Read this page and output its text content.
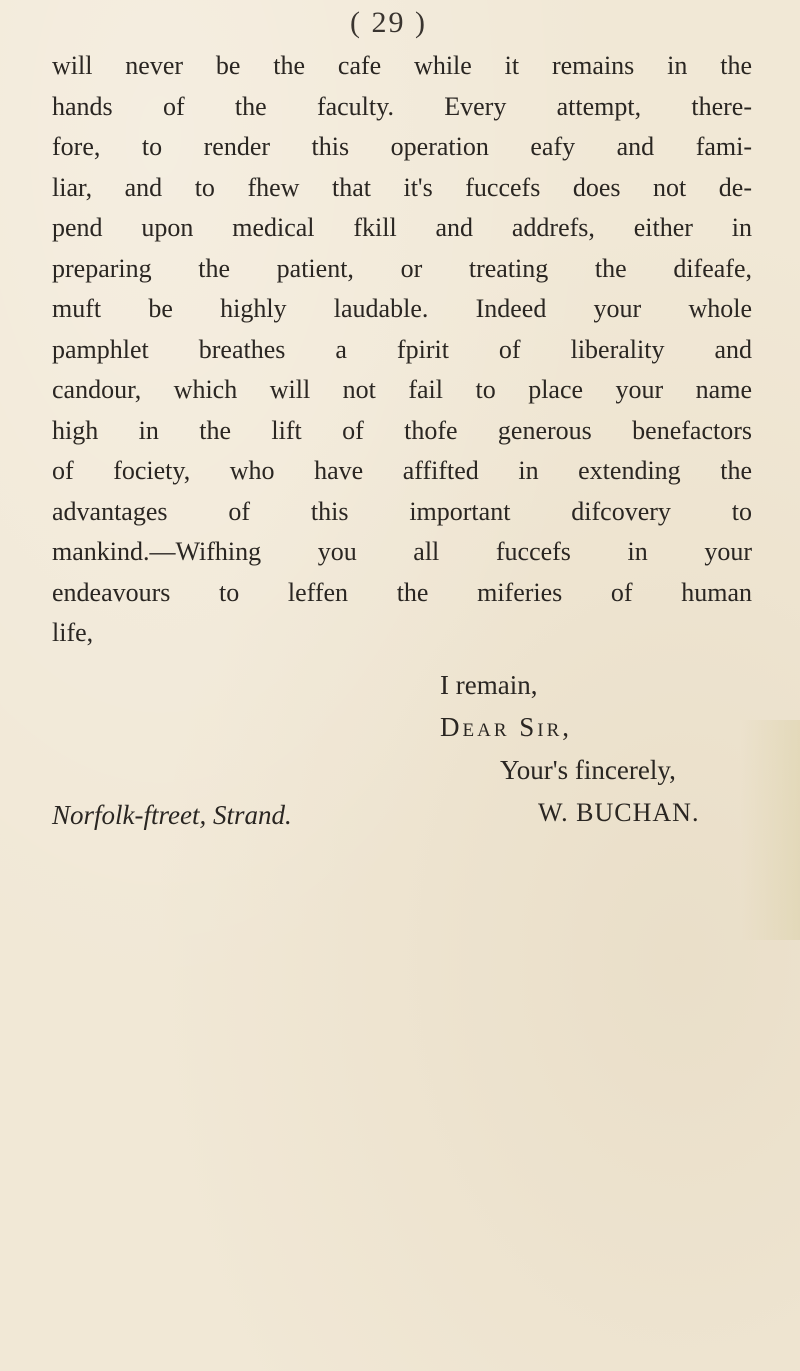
( 29 )
will never be the cafe while it remains in the
hands of the faculty. Every attempt, there-
fore, to render this operation eafy and fami-
liar, and to fhew that it's fuccefs does not de-
pend upon medical fkill and addrefs, either in
preparing the patient, or treating the difeafe,
muft be highly laudable. Indeed your whole
pamphlet breathes a fpirit of liberality and
candour, which will not fail to place your name
high in the lift of thofe generous benefactors
of fociety, who have affifted in extending the
advantages of this important difcovery to
mankind.—Wifhing you all fuccefs in your
endeavours to leffen the miferies of human
life,
I remain,
Dear Sir,
Your's fincerely,
Norfolk-ftreet, Strand.	W. BUCHAN.
